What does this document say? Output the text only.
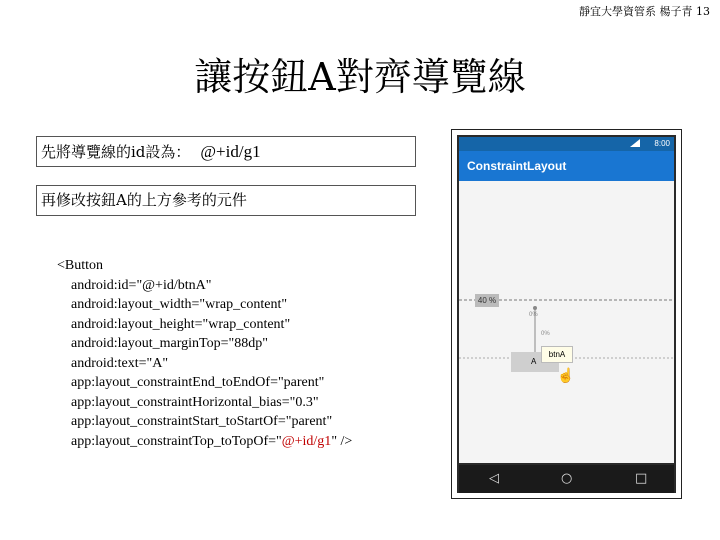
靜宜大學資管系 楊子青 13
讓按鈕A對齊導覽線
先將導覽線的id設為： @+id/g1
再修改按鈕A的上方參考的元件
<Button
android:id="@+id/btnA"
android:layout_width="wrap_content"
android:layout_height="wrap_content"
android:layout_marginTop="88dp"
android:text="A"
app:layout_constraintEnd_toEndOf="parent"
app:layout_constraintHorizontal_bias="0.3"
app:layout_constraintStart_toStartOf="parent"
app:layout_constraintTop_toTopOf="@+id/g1" />
8:00
ConstraintLayout
40 %
0%
0%
A
btnA
☝
◁	○	□
